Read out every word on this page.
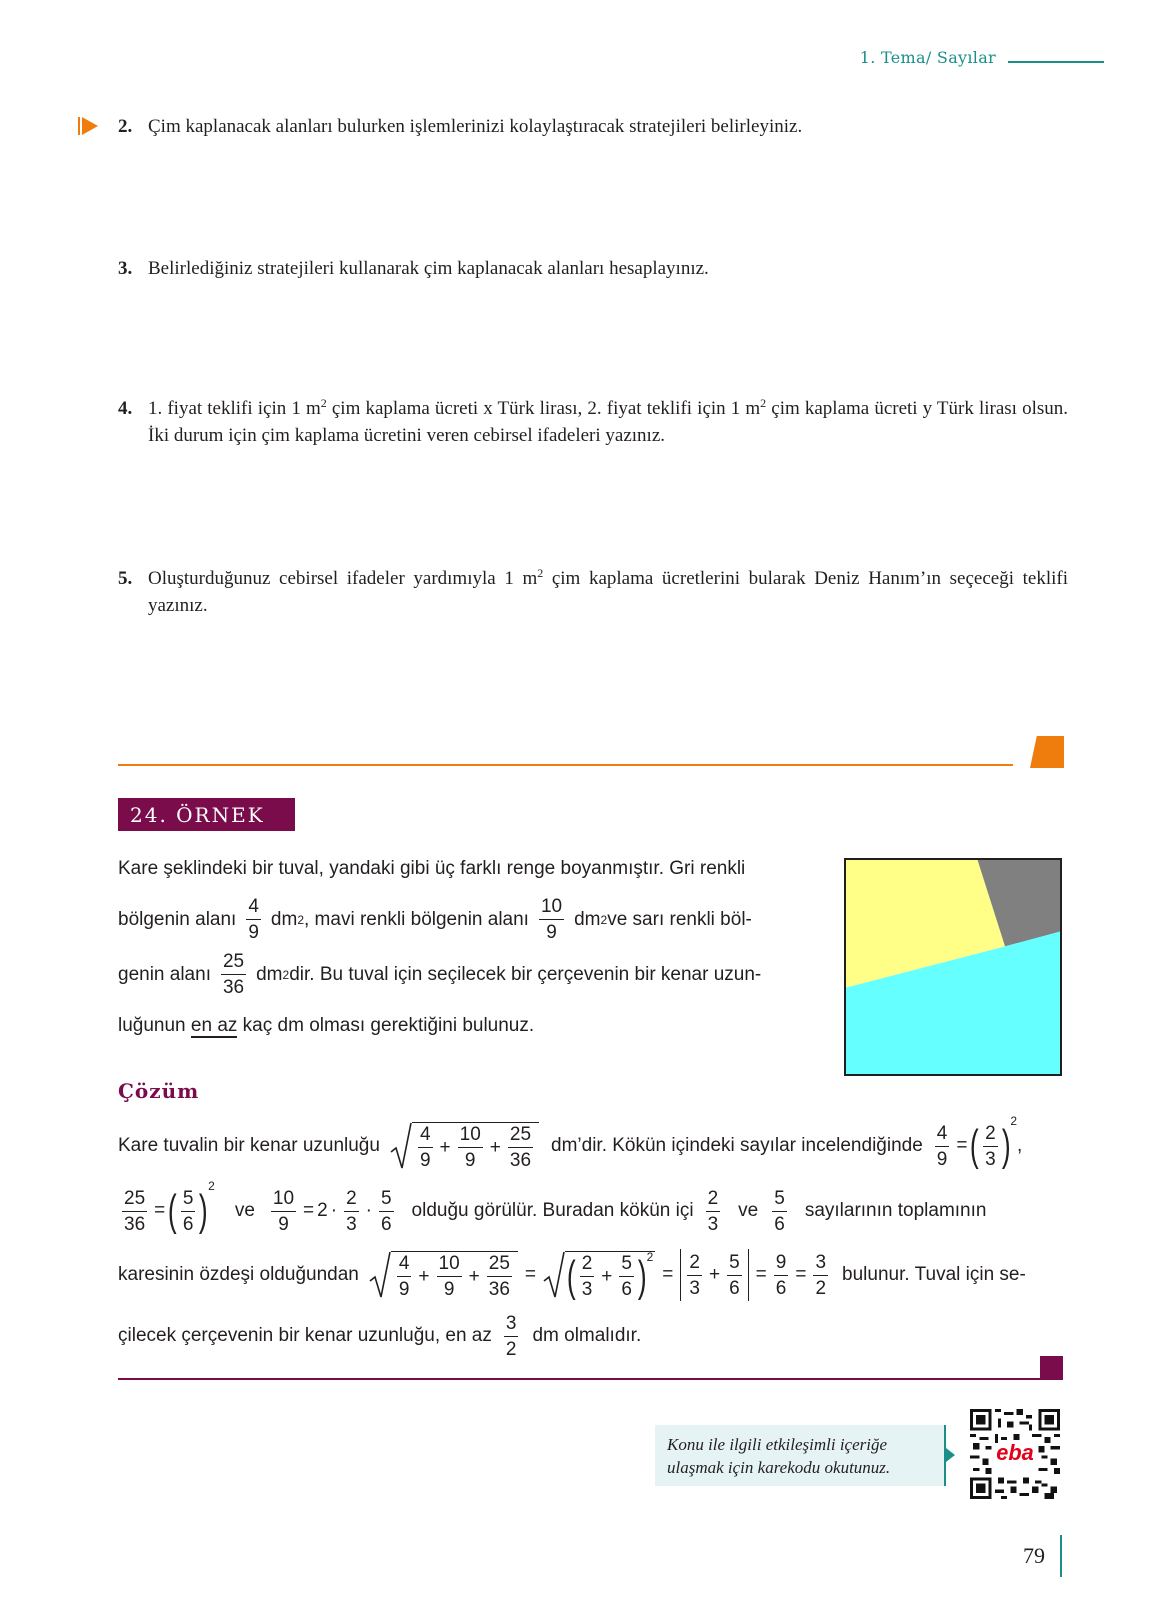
1. Tema/ Sayılar
2. Çim kaplanacak alanları bulurken işlemlerinizi kolaylaştıracak stratejileri belirleyiniz.
3. Belirlediğiniz stratejileri kullanarak çim kaplanacak alanları hesaplayınız.
4. 1. fiyat teklifi için 1 $m^2$ çim kaplama ücreti x Türk lirası, 2. fiyat teklifi için 1 $m^2$ çim kaplama ücreti y Türk lirası olsun. İki durum için çim kaplama ücretini veren cebirsel ifadeleri yazınız.
5. Oluşturduğunuz cebirsel ifadeler yardımıyla 1 $m^2$ çim kaplama ücretlerini bularak Deniz Hanım’ın seçeceği teklifi yazınız.
24. ÖRNEK
Kare şeklindeki bir tuval, yandaki gibi üç farklı renge boyanmıştır. Gri renkli
bölgenin alanı $\frac{4}{9}$ dm 2 , mavi renkli bölgenin alanı $\frac{10}{9}$ dm 2 ve sarı renkli böl-
genin alanı $\frac{25}{36}$ dm 2 dir. Bu tuval için seçilecek bir çerçevenin bir kenar uzun-
luğunun en az kaç dm olması gerektiğini bulunuz.
Çözüm
Kare tuvalin bir kenar uzunluğu $\frac{4}{9} + \frac{10}{9} + \frac{25}{36}$ dm’dir. Kökün içindeki sayılar incelendiğinde $\frac{4}{9}$ = ( $\frac{2}{3}$ ) 2
,
$\frac{25}{36}$ = ( $\frac{5}{6}$ ) 2
ve $\frac{10}{9} = 2 \cdot \frac{2}{3} \cdot \frac{5}{6}$ olduğu görülür. Buradan kökün içi $\frac{2}{3}$ ve $\frac{5}{6}$ sayılarının toplamının
karesinin özdeşi olduğundan $\frac{4}{9} + \frac{10}{9} + \frac{25}{36}$ = ( $\frac{2}{3} + \frac{5}{6}$ ) 2
= $\frac{2}{3} + \frac{5}{6} = \frac{9}{6} = \frac{3}{2}$ bulunur. Tuval için se-
çilecek çerçevenin bir kenar uzunluğu, en az $\frac{3}{2}$ dm olmalıdır.
Konu ile ilgili etkileşimli içeriğe
ulaşmak için karekodu okutunuz.
eba
79
